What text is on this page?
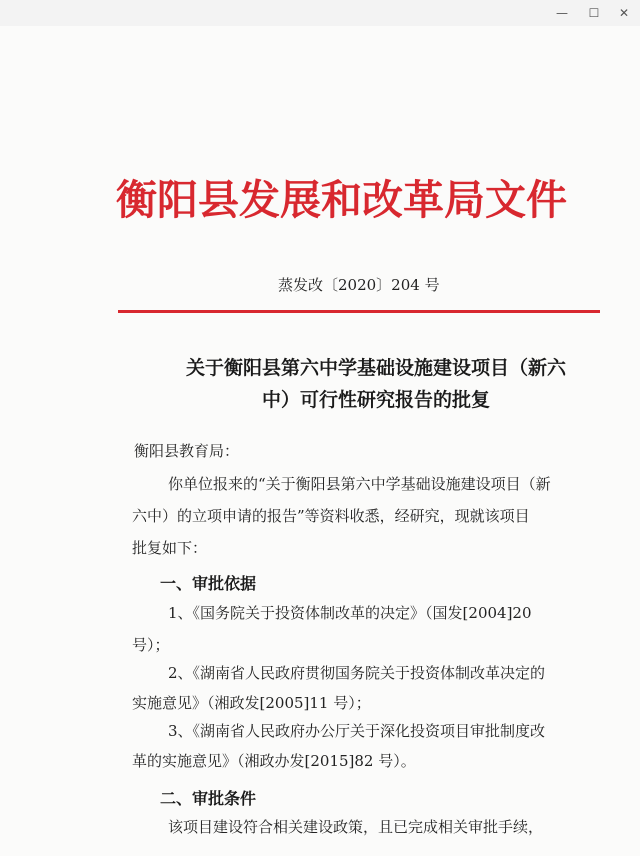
—	☐	✕
衡阳县发展和改革局文件
蒸发改〔2020〕204 号
关于衡阳县第六中学基础设施建设项目（新六
中）可行性研究报告的批复
衡阳县教育局：
你单位报来的“关于衡阳县第六中学基础设施建设项目（新
六中）的立项申请的报告”等资料收悉，经研究，现就该项目
批复如下：
一、审批依据
1、《国务院关于投资体制改革的决定》（国发[2004]20
号）；
2、《湖南省人民政府贯彻国务院关于投资体制改革决定的
实施意见》（湘政发[2005]11 号）；
3、《湖南省人民政府办公厅关于深化投资项目审批制度改
革的实施意见》（湘政办发[2015]82 号）。
二、审批条件
该项目建设符合相关建设政策，且已完成相关审批手续，
